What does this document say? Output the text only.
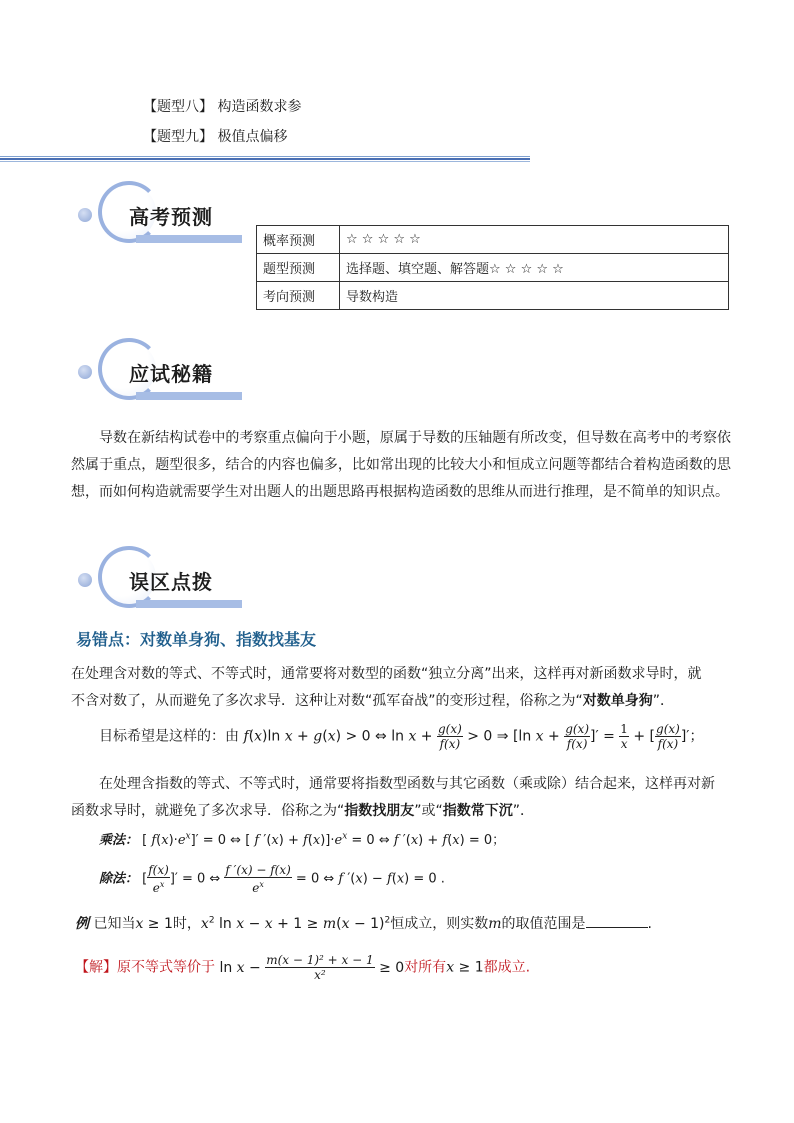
【题型八】 构造函数求参
【题型九】 极值点偏移
高考预测
概率预测	☆ ☆ ☆ ☆ ☆
题型预测	选择题、填空题、解答题☆ ☆ ☆ ☆ ☆
考向预测	导数构造
应试秘籍
导数在新结构试卷中的考察重点偏向于小题，原属于导数的压轴题有所改变，但导数在高考中的考察依然属于重点，题型很多，结合的内容也偏多，比如常出现的比较大小和恒成立问题等都结合着构造函数的思想，而如何构造就需要学生对出题人的出题思路再根据构造函数的思维从而进行推理，是不简单的知识点。
误区点拨
易错点：对数单身狗、指数找基友
在处理含对数的等式、不等式时，通常要将对数型的函数“独立分离”出来，这样再对新函数求导时，就
不含对数了，从而避免了多次求导．这种让对数“孤军奋战”的变形过程，俗称之为“对数单身狗”．
目标希望是这样的：由 f(x)ln x + g(x) > 0 ⇔ $\ln x + \frac{g(x)}{f(x)} > 0$ ⇒ [ln $x + \frac{g(x)}{f(x)}$ ]′ = $\frac{1}{x}$ + [ $\frac{g(x)}{f(x)}$ ]′；
在处理含指数的等式、不等式时，通常要将指数型函数与其它函数（乘或除）结合起来，这样再对新
函数求导时，就避免了多次求导．俗称之为“指数找朋友”或“指数常下沉”．
乘法： [ $f(x)\cdot e^x]' = 0$ ⇔ [ f $'(x) + f(x)]\cdot e^x = 0$ ⇔ f ′(x) + f(x) = 0；
除法： [ $\frac{f(x)}{e^x}$ ]′ = 0 ⇔ $\frac{f '(x) - f(x)}{e^x} = 0$ ⇔ f ′(x) − f(x) = 0 .
例 已知当x ≥ 1时，$x^2$ $\ln x - x + 1 \ge m(x - 1)^2$恒成立，则实数m的取值范围是	.
【解】原不等式等价于 $\ln x - \frac{\text{m(x − 1)² + x − 1}}{\text{x²}} \ge 0$对所有x ≥ 1都成立.
